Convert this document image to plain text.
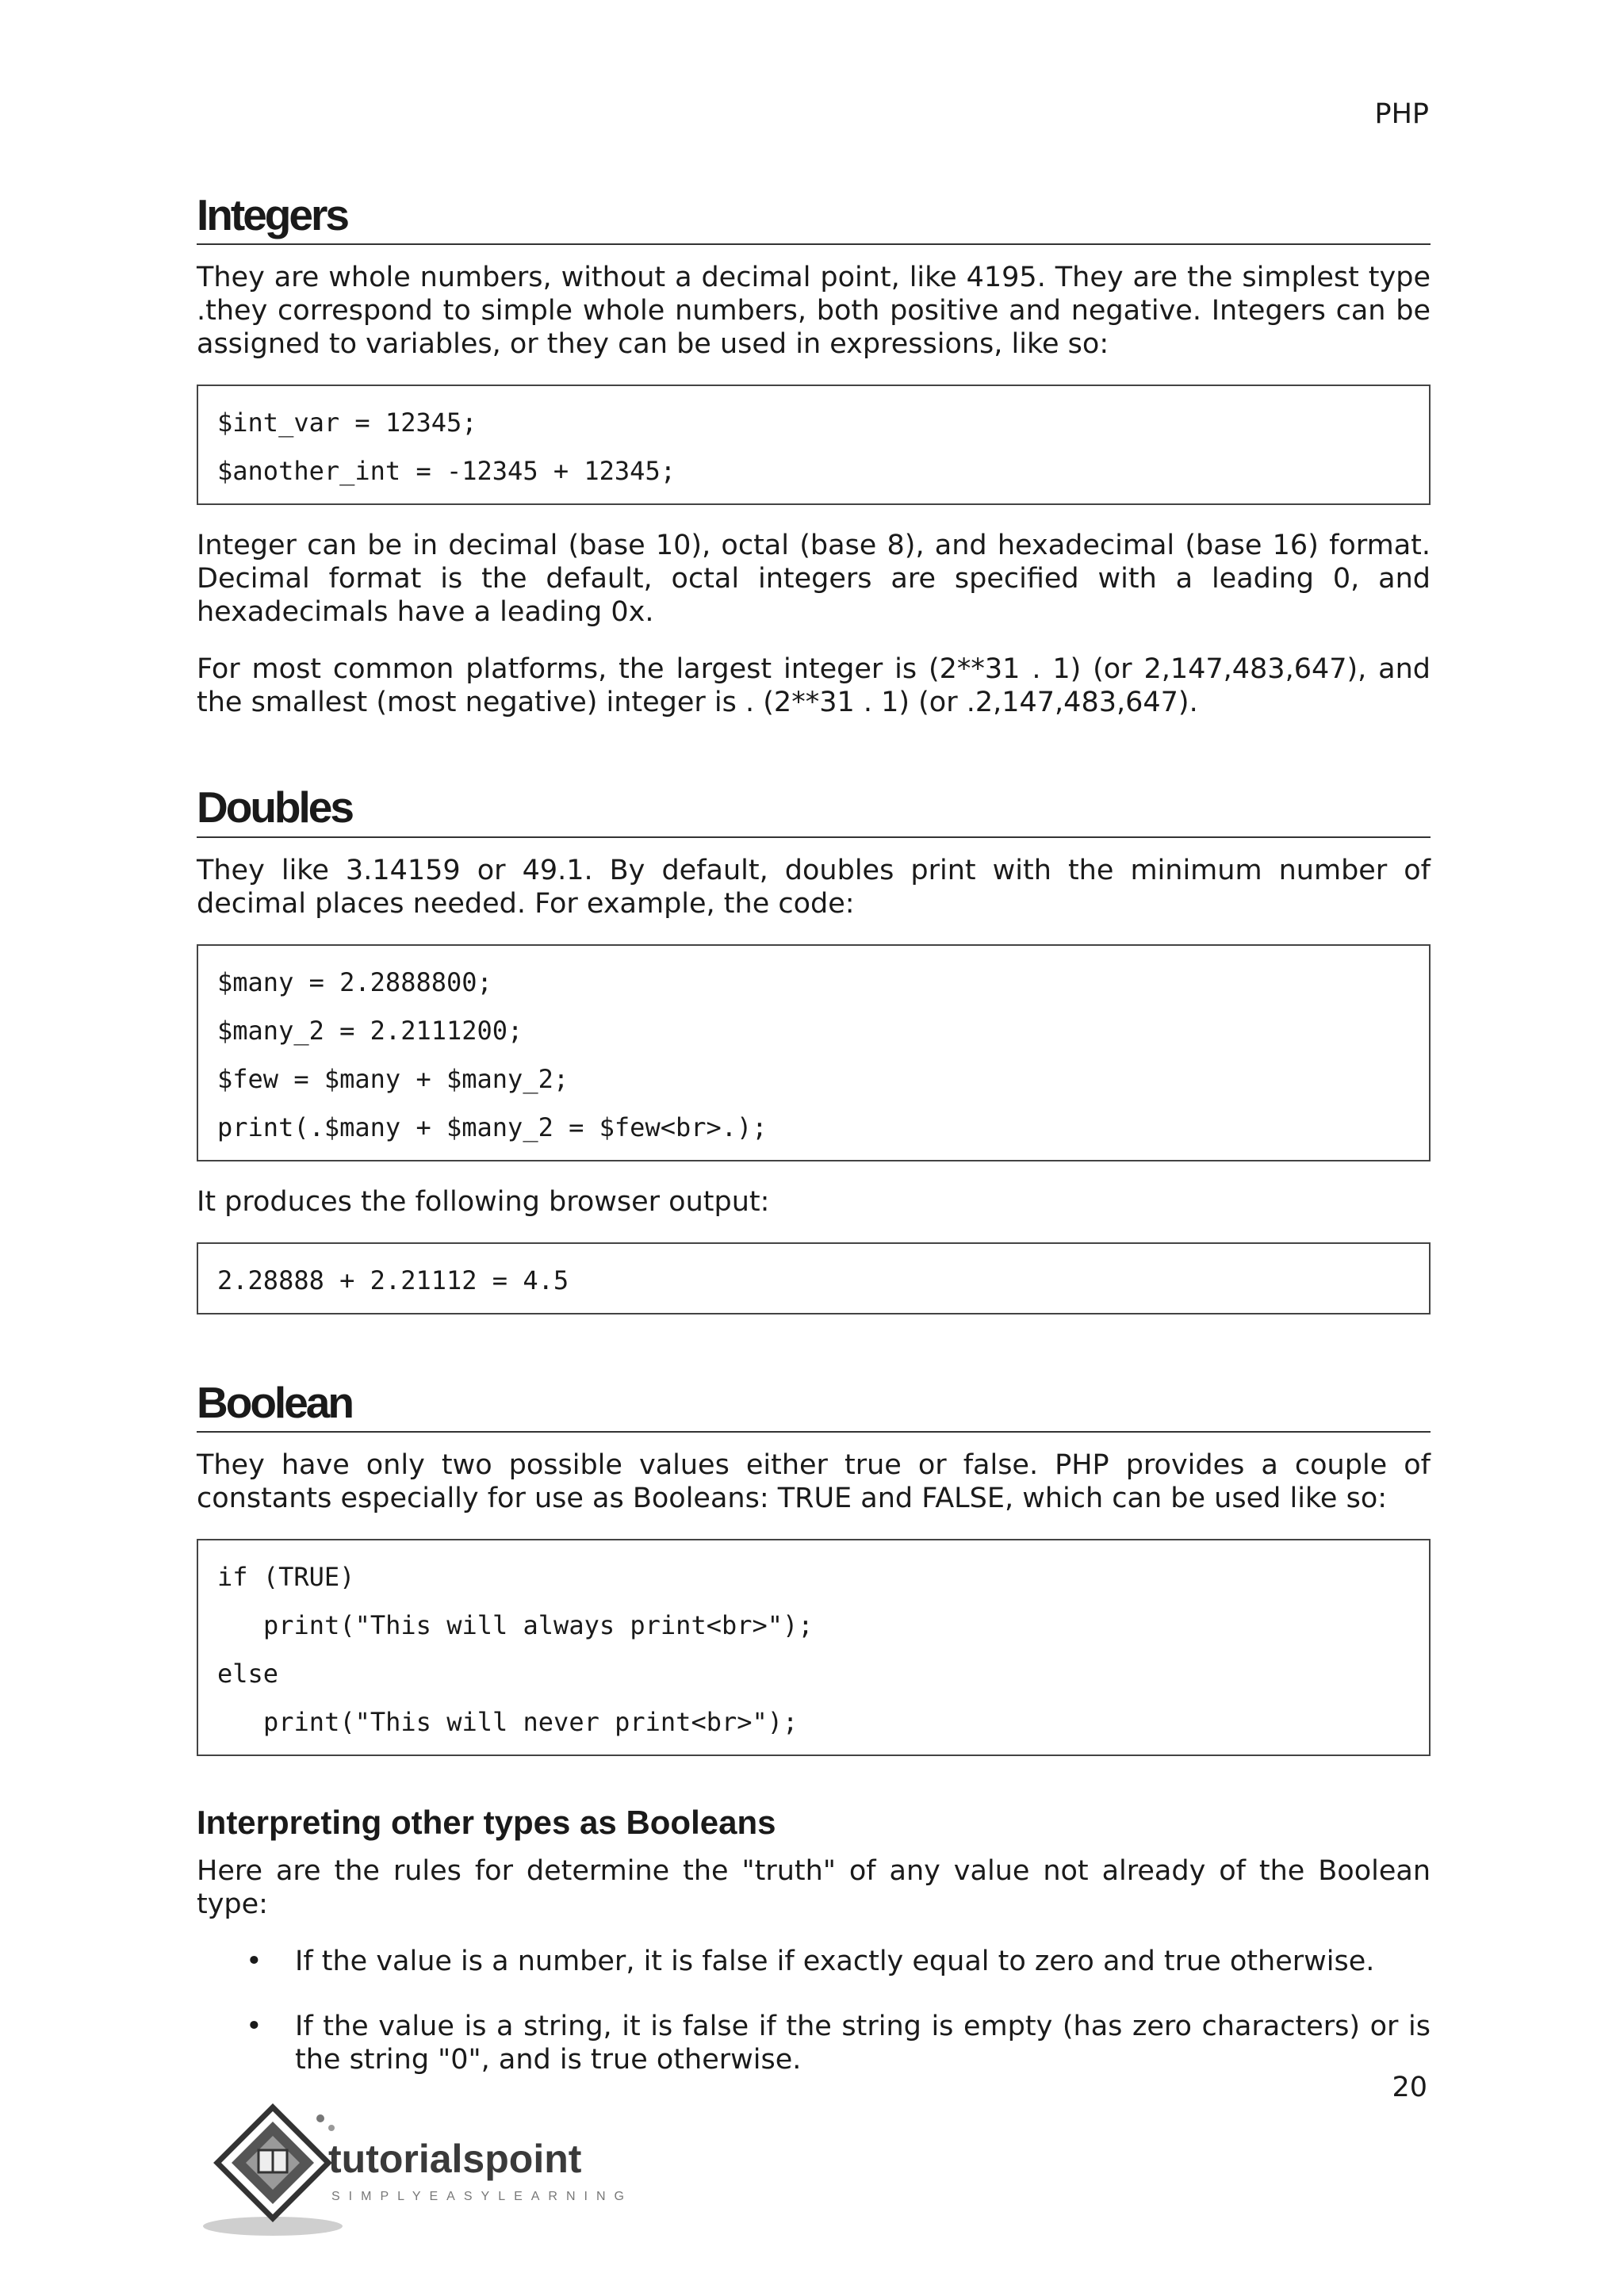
PHP
Integers

They are whole numbers, without a decimal point, like 4195. They are the simplest type .they correspond to simple whole numbers, both positive and negative. Integers can be assigned to variables, or they can be used in expressions, like so:

$int_var = 12345;
$another_int = -12345 + 12345;

Integer can be in decimal (base 10), octal (base 8), and hexadecimal (base 16) format. Decimal format is the default, octal integers are specified with a leading 0, and hexadecimals have a leading 0x.

For most common platforms, the largest integer is (2**31 . 1) (or 2,147,483,647), and the smallest (most negative) integer is . (2**31 . 1) (or .2,147,483,647).

Doubles

They like 3.14159 or 49.1. By default, doubles print with the minimum number of decimal places needed. For example, the code:

$many = 2.2888800;
$many_2 = 2.2111200;
$few = $many + $many_2;
print(.$many + $many_2 = $few<br>.);

It produces the following browser output:

2.28888 + 2.21112 = 4.5
Boolean

They have only two possible values either true or false. PHP provides a couple of constants especially for use as Booleans: TRUE and FALSE, which can be used like so:

if (TRUE)
print("This will always print<br>");
else
print("This will never print<br>");
Interpreting other types as Booleans

Here are the rules for determine the "truth" of any value not already of the Boolean type:

• If the value is a number, it is false if exactly equal to zero and true otherwise.
• If the value is a string, it is false if the string is empty (has zero characters) or is the string "0", and is true otherwise.
20
tutorialspoint
SIMPLYEASYLEARNING
